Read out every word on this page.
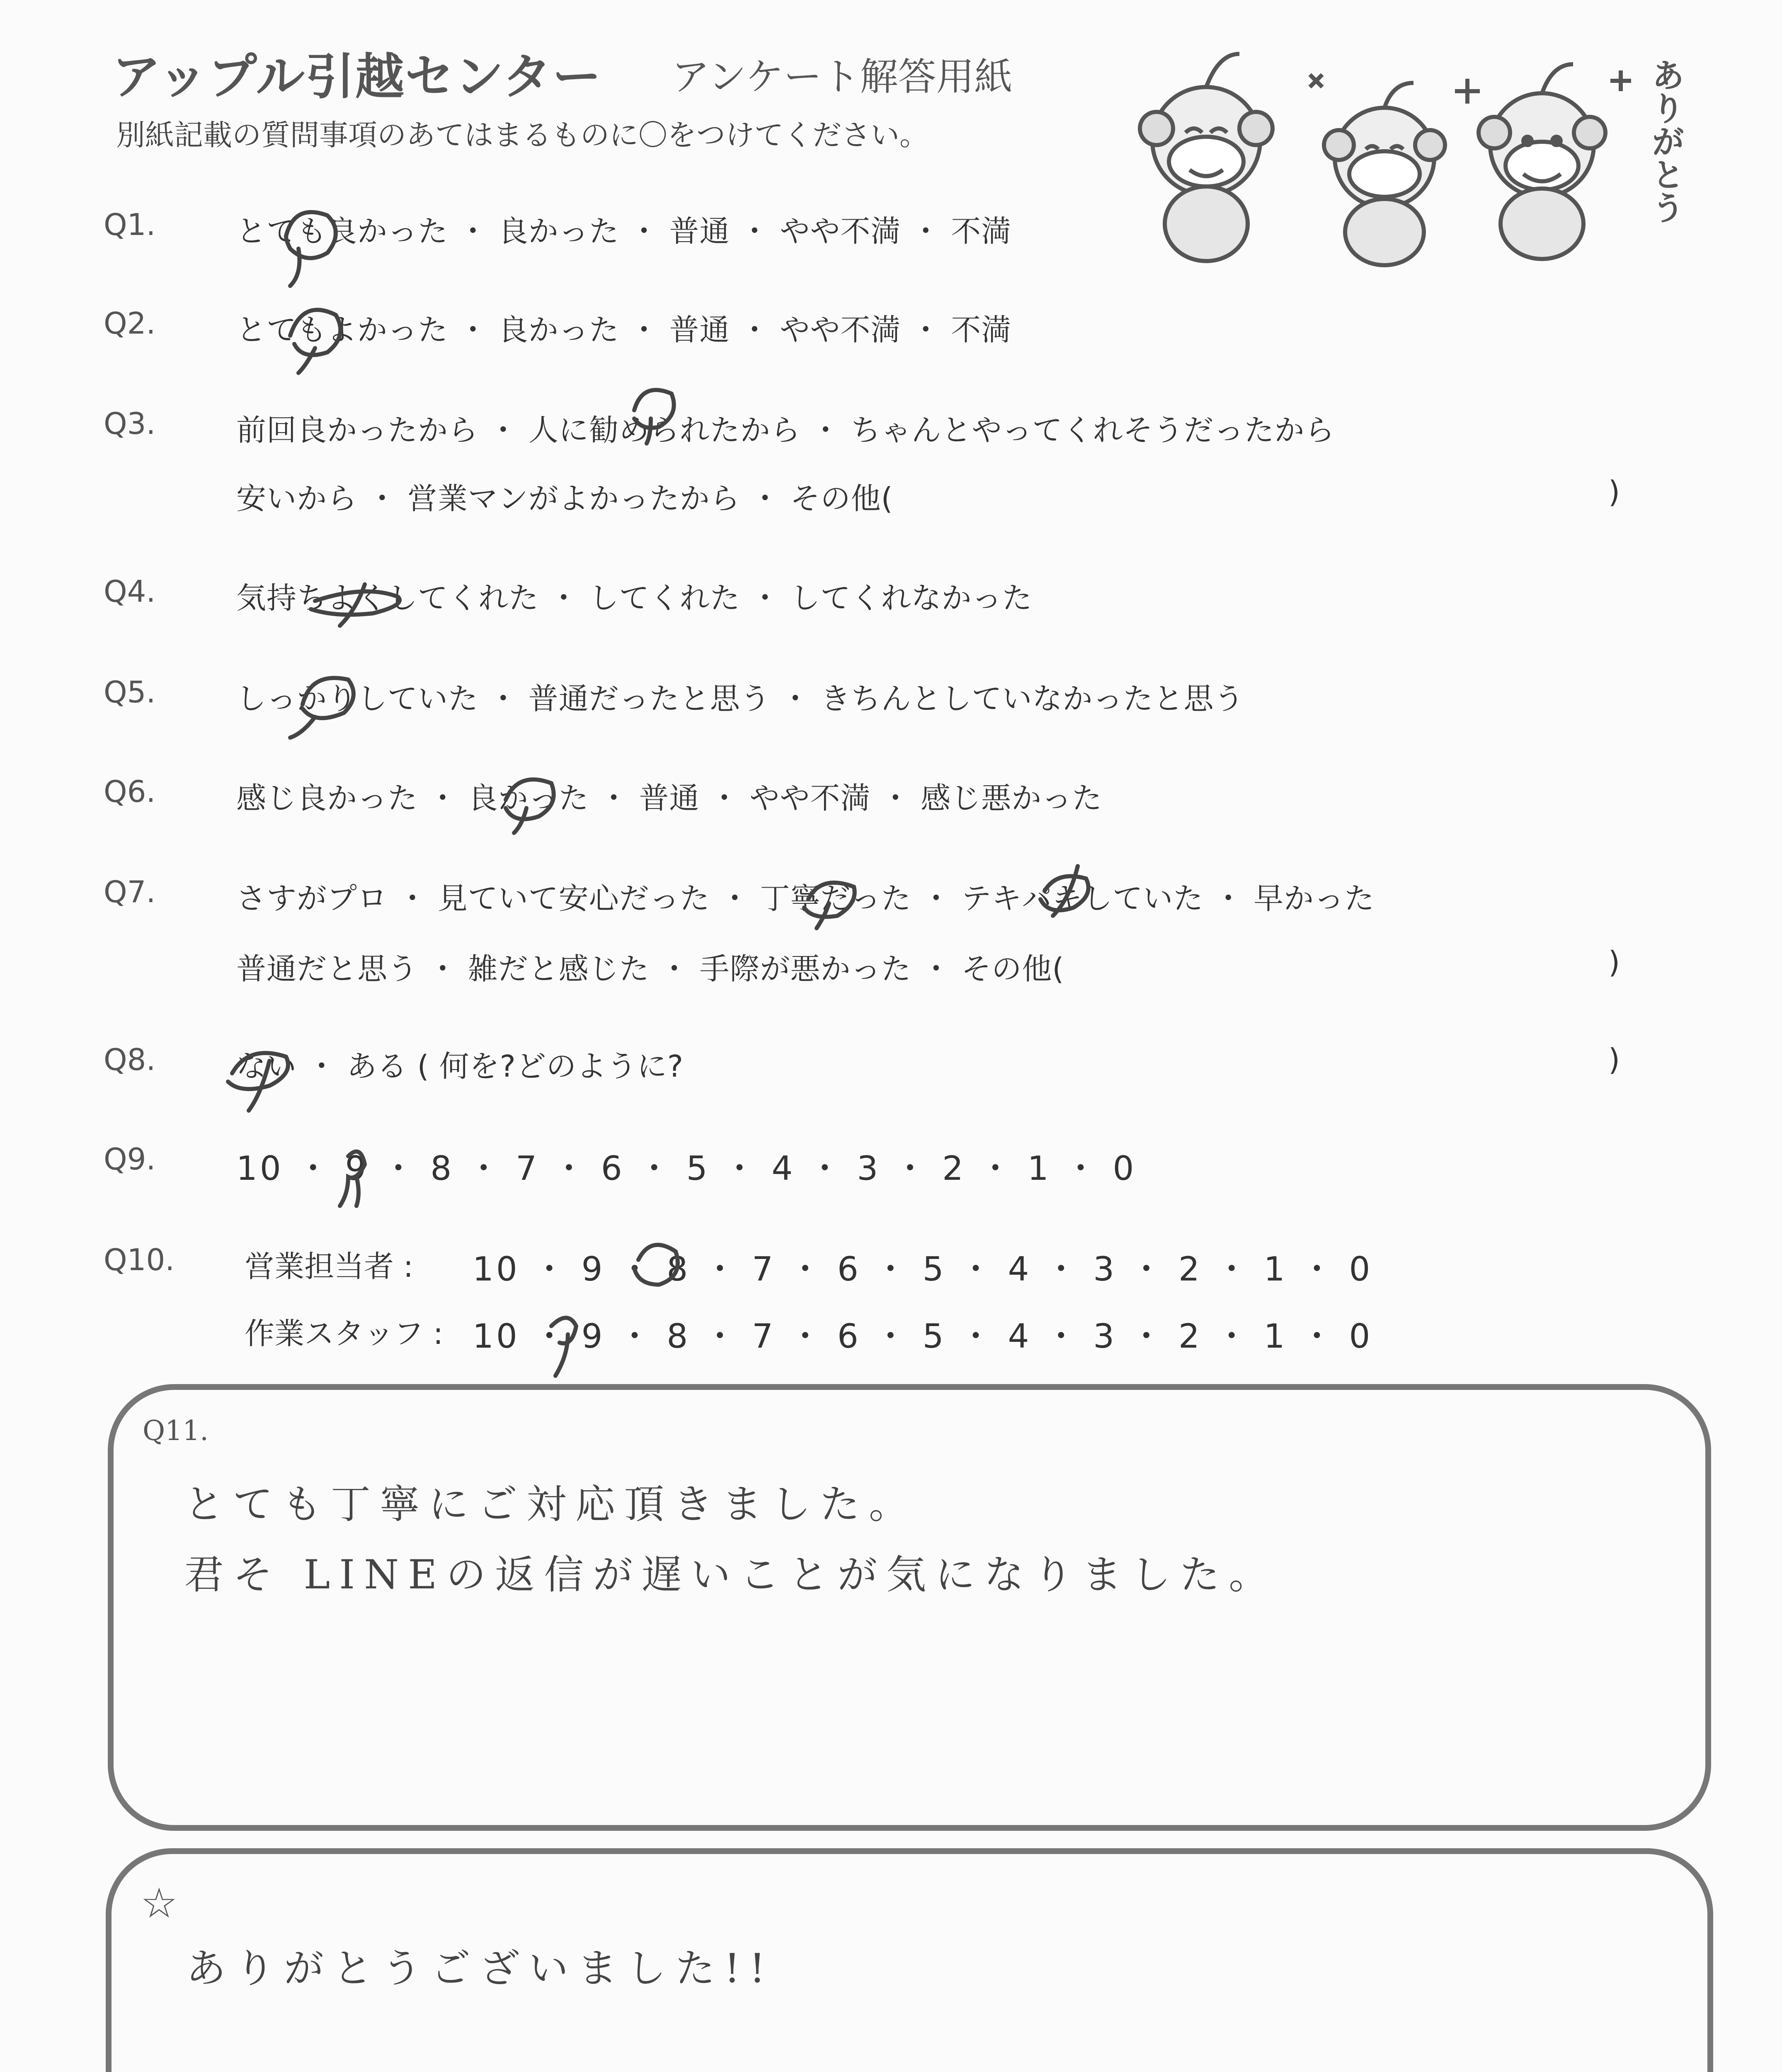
アップル引越センター アンケート解答用紙
別紙記載の質問事項のあてはまるものに〇をつけてください。	ありがとう
Q1.	とても良かった ・ 良かった ・ 普通 ・ やや不満 ・ 不満
Q2.	とてもよかった ・ 良かった ・ 普通 ・ やや不満 ・ 不満
Q3.	前回良かったから ・ 人に勧められたから ・ ちゃんとやってくれそうだったから
安いから ・ 営業マンがよかったから ・ その他(	)
Q4.	気持ちよくしてくれた ・ してくれた ・ してくれなかった
Q5.	しっかりしていた ・ 普通だったと思う ・ きちんとしていなかったと思う
Q6.	感じ良かった ・ 良かった ・ 普通 ・ やや不満 ・ 感じ悪かった
Q7.	さすがプロ ・ 見ていて安心だった ・ 丁寧だった ・ テキパキしていた ・ 早かった
普通だと思う ・ 雑だと感じた ・ 手際が悪かった ・ その他(	)
Q8.	ない ・ ある ( 何を?どのように?	)
Q9. 10 ・ 9 ・ 8 ・ 7 ・ 6 ・ 5 ・ 4 ・ 3 ・ 2 ・ 1 ・ 0
Q10. 営業担当者 : 10 ・ 9 ・ 8 ・ 7 ・ 6 ・ 5 ・ 4 ・ 3 ・ 2 ・ 1 ・ 0
作業スタッフ : 10 ・ 9 ・ 8 ・ 7 ・ 6 ・ 5 ・ 4 ・ 3 ・ 2 ・ 1 ・ 0
Q11.
とても丁寧にご対応頂きました。
君そ LINEの返信が遅いことが気になりました。
☆
ありがとうございました!!
